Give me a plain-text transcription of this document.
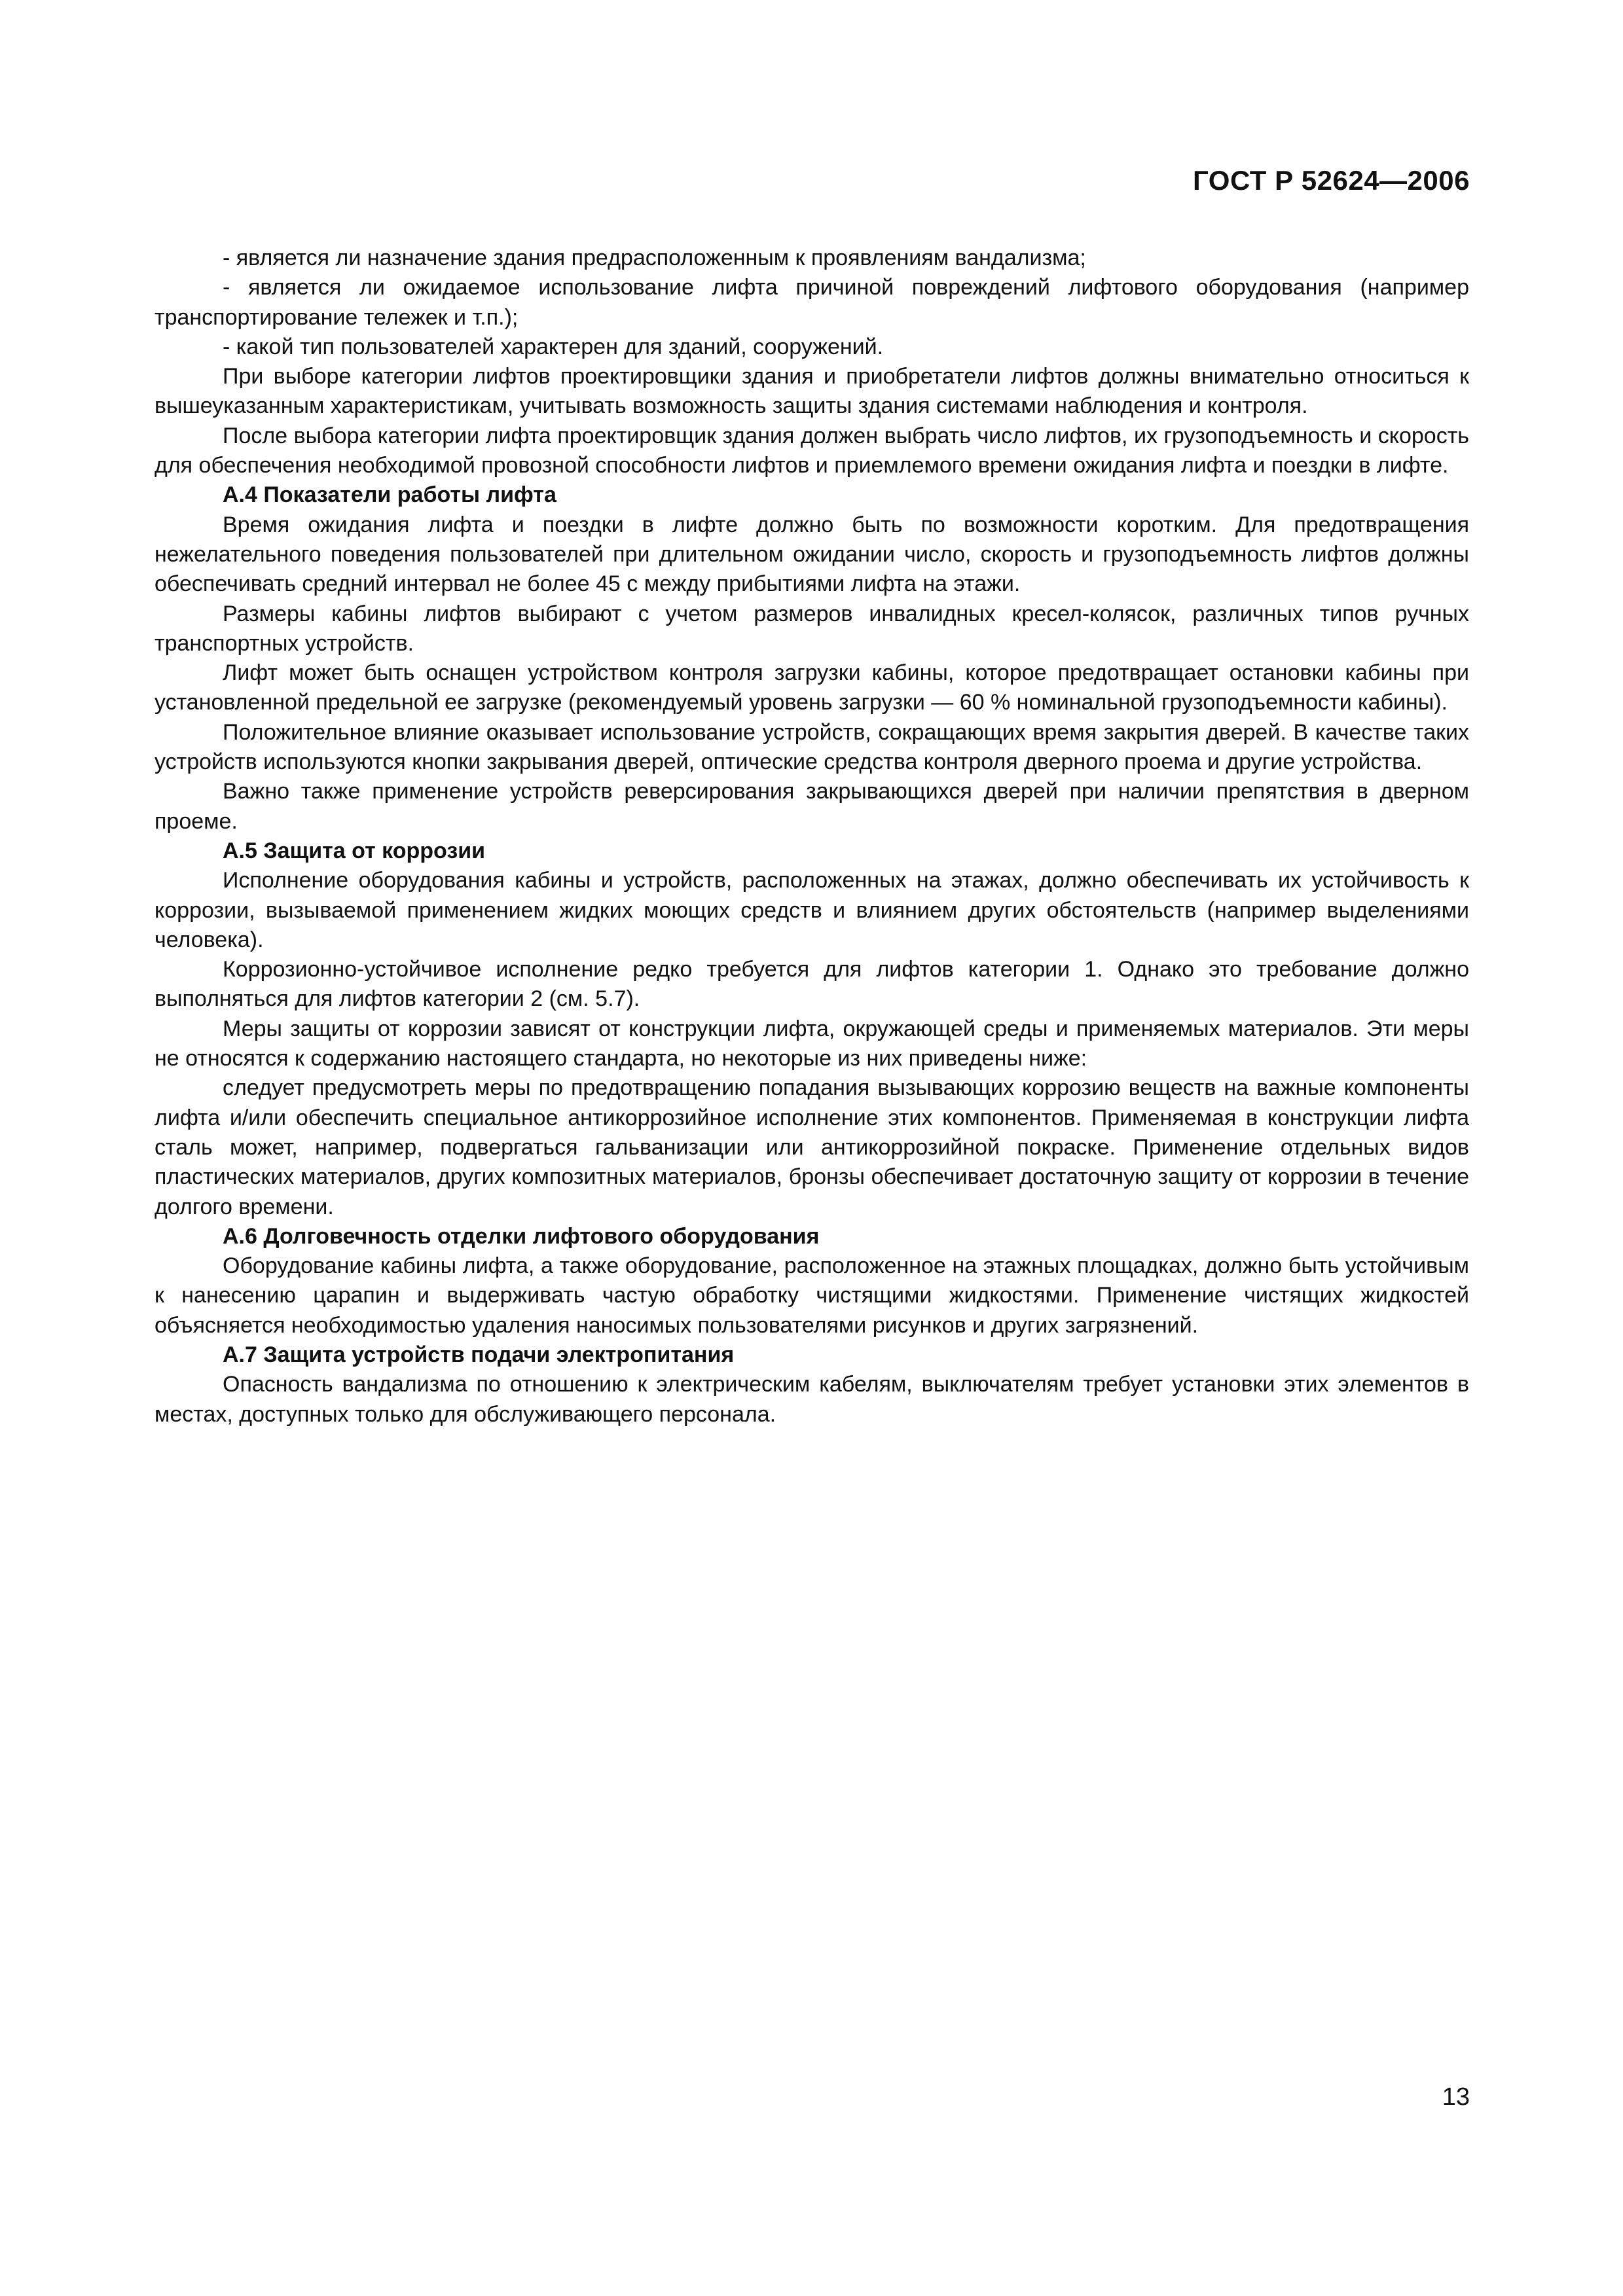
ГОСТ Р 52624—2006

- является ли назначение здания предрасположенным к проявлениям вандализма;

- является ли ожидаемое использование лифта причиной повреждений лифтового оборудования (например транспортирование тележек и т.п.);

- какой тип пользователей характерен для зданий, сооружений.

При выборе категории лифтов проектировщики здания и приобретатели лифтов должны внимательно относиться к вышеуказанным характеристикам, учитывать возможность защиты здания системами наблюдения и контроля.

После выбора категории лифта проектировщик здания должен выбрать число лифтов, их грузоподъемность и скорость для обеспечения необходимой провозной способности лифтов и приемлемого времени ожидания лифта и поездки в лифте.

А.4 Показатели работы лифта

Время ожидания лифта и поездки в лифте должно быть по возможности коротким. Для предотвращения нежелательного поведения пользователей при длительном ожидании число, скорость и грузоподъемность лифтов должны обеспечивать средний интервал не более 45 с между прибытиями лифта на этажи.

Размеры кабины лифтов выбирают с учетом размеров инвалидных кресел-колясок, различных типов ручных транспортных устройств.

Лифт может быть оснащен устройством контроля загрузки кабины, которое предотвращает остановки кабины при установленной предельной ее загрузке (рекомендуемый уровень загрузки — 60 % номинальной грузоподъемности кабины).

Положительное влияние оказывает использование устройств, сокращающих время закрытия дверей. В качестве таких устройств используются кнопки закрывания дверей, оптические средства контроля дверного проема и другие устройства.

Важно также применение устройств реверсирования закрывающихся дверей при наличии препятствия в дверном проеме.

А.5 Защита от коррозии

Исполнение оборудования кабины и устройств, расположенных на этажах, должно обеспечивать их устойчивость к коррозии, вызываемой применением жидких моющих средств и влиянием других обстоятельств (например выделениями человека).

Коррозионно-устойчивое исполнение редко требуется для лифтов категории 1. Однако это требование должно выполняться для лифтов категории 2 (см. 5.7).

Меры защиты от коррозии зависят от конструкции лифта, окружающей среды и применяемых материалов. Эти меры не относятся к содержанию настоящего стандарта, но некоторые из них приведены ниже:

следует предусмотреть меры по предотвращению попадания вызывающих коррозию веществ на важные компоненты лифта и/или обеспечить специальное антикоррозийное исполнение этих компонентов. Применяемая в конструкции лифта сталь может, например, подвергаться гальванизации или антикоррозийной покраске. Применение отдельных видов пластических материалов, других композитных материалов, бронзы обеспечивает достаточную защиту от коррозии в течение долгого времени.

А.6 Долговечность отделки лифтового оборудования

Оборудование кабины лифта, а также оборудование, расположенное на этажных площадках, должно быть устойчивым к нанесению царапин и выдерживать частую обработку чистящими жидкостями. Применение чистящих жидкостей объясняется необходимостью удаления наносимых пользователями рисунков и других загрязнений.

А.7 Защита устройств подачи электропитания

Опасность вандализма по отношению к электрическим кабелям, выключателям требует установки этих элементов в местах, доступных только для обслуживающего персонала.

13
